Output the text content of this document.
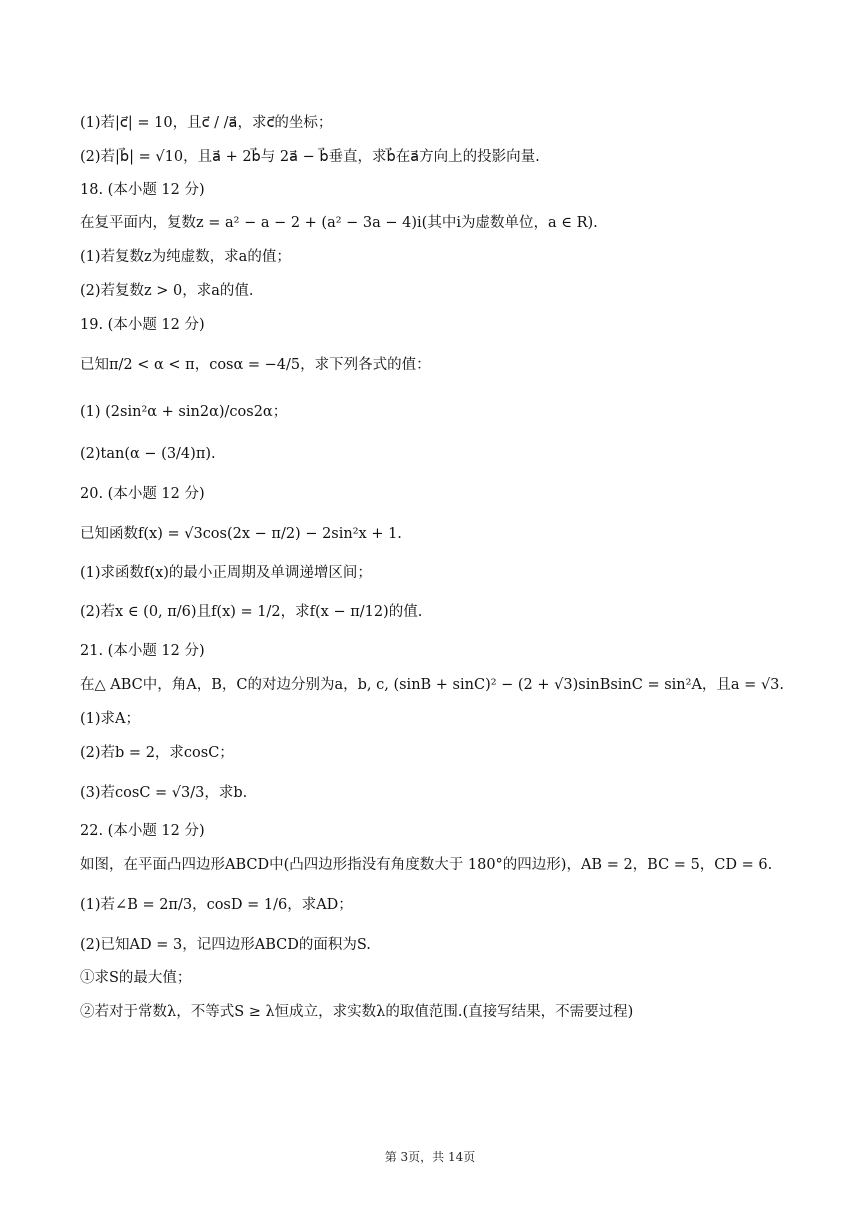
(1)若|c⃗| = 10，且c⃗ / /a⃗，求c⃗的坐标；
(2)若|b⃗| = √10，且a⃗ + 2b⃗与 2a⃗ − b⃗垂直，求b⃗在a⃗方向上的投影向量.
18. (本小题 12 分)
在复平面内，复数z = a² − a − 2 + (a² − 3a − 4)i(其中i为虚数单位，a ∈ R).
(1)若复数z为纯虚数，求a的值；
(2)若复数z > 0，求a的值.
19. (本小题 12 分)
已知π/2 < α < π，cosα = −4/5，求下列各式的值：
(1) (2sin²α + sin2α)/cos2α；
(2)tan(α − (3/4)π).
20. (本小题 12 分)
已知函数f(x) = √3cos(2x − π/2) − 2sin²x + 1.
(1)求函数f(x)的最小正周期及单调递增区间；
(2)若x ∈ (0, π/6)且f(x) = 1/2，求f(x − π/12)的值.
21. (本小题 12 分)
在△ ABC中，角A，B，C的对边分别为a，b, c, (sinB + sinC)² − (2 + √3)sinBsinC = sin²A，且a = √3.
(1)求A；
(2)若b = 2，求cosC；
(3)若cosC = √3/3，求b.
22. (本小题 12 分)
如图，在平面凸四边形ABCD中(凸四边形指没有角度数大于 180°的四边形)，AB = 2，BC = 5，CD = 6.
(1)若∠B = 2π/3，cosD = 1/6，求AD；
(2)已知AD = 3，记四边形ABCD的面积为S.
①求S的最大值；
②若对于常数λ，不等式S ≥ λ恒成立，求实数λ的取值范围.(直接写结果，不需要过程)
第 3页，共 14页
